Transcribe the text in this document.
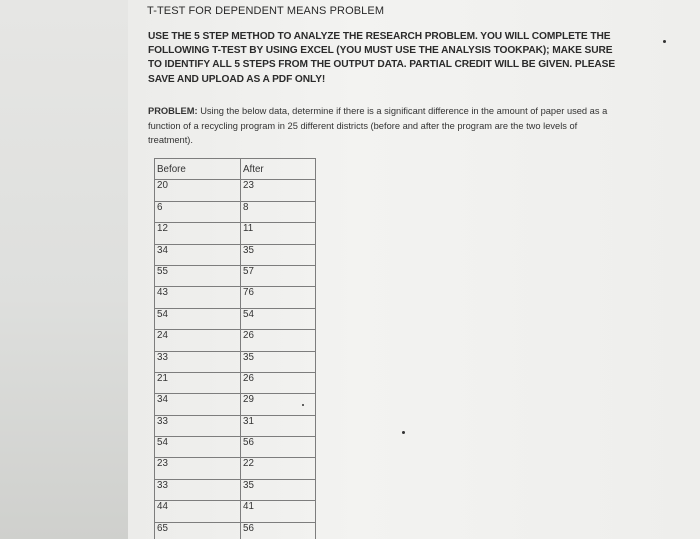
T-TEST FOR DEPENDENT MEANS PROBLEM
USE THE 5 STEP METHOD TO ANALYZE THE RESEARCH PROBLEM. YOU WILL COMPLETE THE FOLLOWING T-TEST BY USING EXCEL (YOU MUST USE THE ANALYSIS TOOKPAK); MAKE SURE TO IDENTIFY ALL 5 STEPS FROM THE OUTPUT DATA. PARTIAL CREDIT WILL BE GIVEN. PLEASE SAVE AND UPLOAD AS A PDF ONLY!
PROBLEM: Using the below data, determine if there is a significant difference in the amount of paper used as a function of a recycling program in 25 different districts (before and after the program are the two levels of treatment).
Before	After
20	23
6	8
12	11
34	35
55	57
43	76
54	54
24	26
33	35
21	26
34	29
33	31
54	56
23	22
33	35
44	41
65	56
